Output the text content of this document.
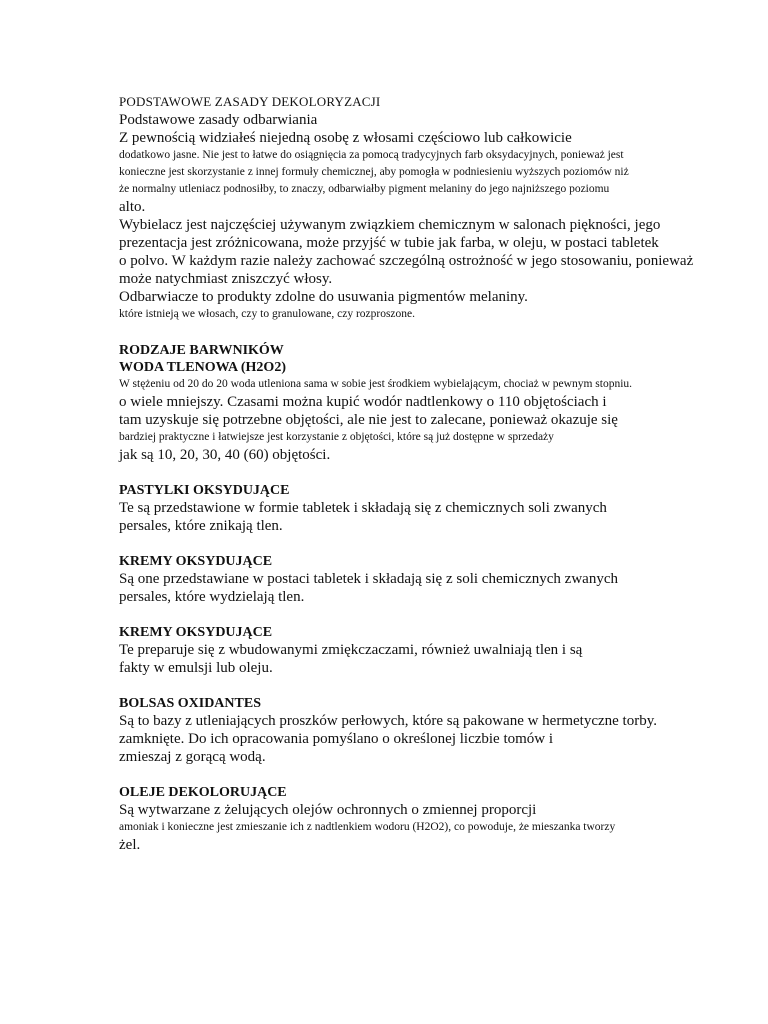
PODSTAWOWE ZASADY DEKOLORYZACJI
Podstawowe zasady odbarwiania
Z pewnością widziałeś niejedną osobę z włosami częściowo lub całkowicie
dodatkowo jasne. Nie jest to łatwe do osiągnięcia za pomocą tradycyjnych farb oksydacyjnych, ponieważ jest
konieczne jest skorzystanie z innej formuły chemicznej, aby pomogła w podniesieniu wyższych poziomów niż
że normalny utleniacz podnosiłby, to znaczy, odbarwiałby pigment melaniny do jego najniższego poziomu
alto.
Wybielacz jest najczęściej używanym związkiem chemicznym w salonach piękności, jego
prezentacja jest zróżnicowana, może przyjść w tubie jak farba, w oleju, w postaci tabletek
o polvo. W każdym razie należy zachować szczególną ostrożność w jego stosowaniu, ponieważ
może natychmiast zniszczyć włosy.
Odbarwiacze to produkty zdolne do usuwania pigmentów melaniny.
które istnieją we włosach, czy to granulowane, czy rozproszone.
RODZAJE BARWNIKÓW
WODA TLENOWA (H2O2)
W stężeniu od 20 do 20 woda utleniona sama w sobie jest środkiem wybielającym, chociaż w pewnym stopniu.
o wiele mniejszy. Czasami można kupić wodór nadtlenkowy o 110 objętościach i
tam uzyskuje się potrzebne objętości, ale nie jest to zalecane, ponieważ okazuje się
bardziej praktyczne i łatwiejsze jest korzystanie z objętości, które są już dostępne w sprzedaży
jak są 10, 20, 30, 40 (60) objętości.
PASTYLKI OKSYDUJĄCE
Te są przedstawione w formie tabletek i składają się z chemicznych soli zwanych
persales, które znikają tlen.
KREMY OKSYDUJĄCE
Są one przedstawiane w postaci tabletek i składają się z soli chemicznych zwanych
persales, które wydzielają tlen.
KREMY OKSYDUJĄCE
Te preparuje się z wbudowanymi zmiękczaczami, również uwalniają tlen i są
fakty w emulsji lub oleju.
BOLSAS OXIDANTES
Są to bazy z utleniających proszków perłowych, które są pakowane w hermetyczne torby.
zamknięte. Do ich opracowania pomyślano o określonej liczbie tomów i
zmieszaj z gorącą wodą.
OLEJE DEKOLORUJĄCE
Są wytwarzane z żelujących olejów ochronnych o zmiennej proporcji
amoniak i konieczne jest zmieszanie ich z nadtlenkiem wodoru (H2O2), co powoduje, że mieszanka tworzy
żel.
